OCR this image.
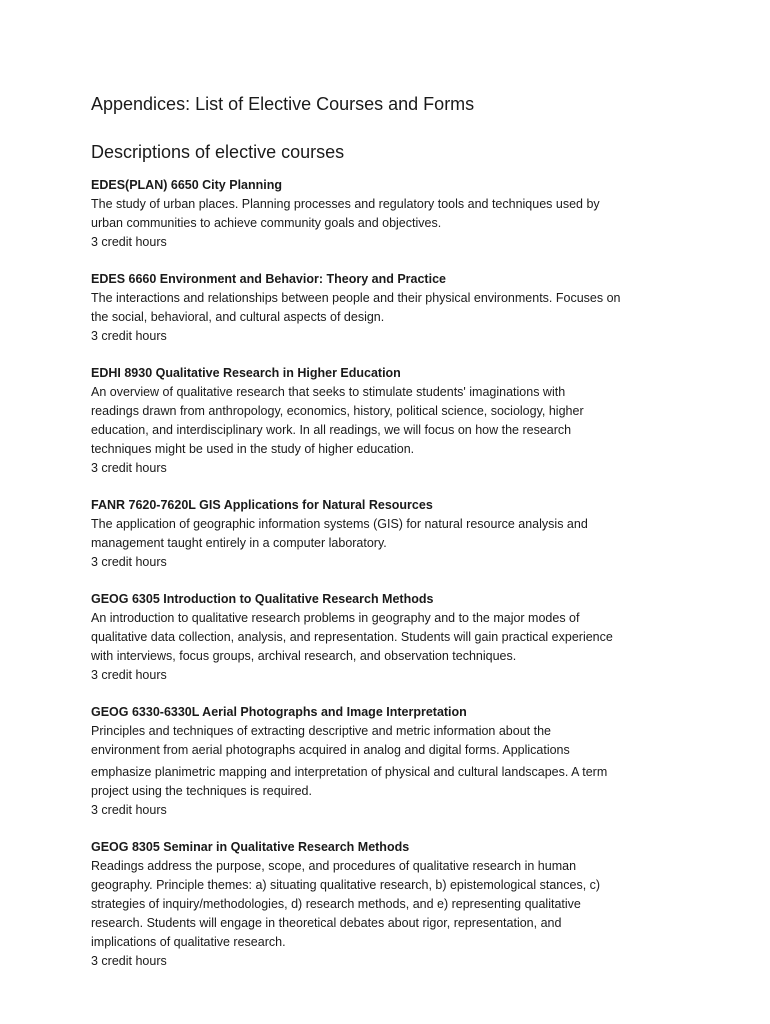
Appendices: List of Elective Courses and Forms
Descriptions of elective courses

EDES(PLAN) 6650 City Planning

The study of urban places. Planning processes and regulatory tools and techniques used by
urban communities to achieve community goals and objectives.

3 credit hours

EDES 6660 Environment and Behavior: Theory and Practice

The interactions and relationships between people and their physical environments. Focuses on
the social, behavioral, and cultural aspects of design.

3 credit hours

EDHI 8930 Qualitative Research in Higher Education

An overview of qualitative research that seeks to stimulate students' imaginations with
readings drawn from anthropology, economics, history, political science, sociology, higher
education, and interdisciplinary work. In all readings, we will focus on how the research
techniques might be used in the study of higher education.

3 credit hours

FANR 7620-7620L GIS Applications for Natural Resources

The application of geographic information systems (GIS) for natural resource analysis and
management taught entirely in a computer laboratory.

3 credit hours

GEOG 6305 Introduction to Qualitative Research Methods

An introduction to qualitative research problems in geography and to the major modes of
qualitative data collection, analysis, and representation. Students will gain practical experience
with interviews, focus groups, archival research, and observation techniques.

3 credit hours

GEOG 6330-6330L Aerial Photographs and Image Interpretation

Principles and techniques of extracting descriptive and metric information about the
environment from aerial photographs acquired in analog and digital forms. Applications
emphasize planimetric mapping and interpretation of physical and cultural landscapes. A term
project using the techniques is required.

3 credit hours

GEOG 8305 Seminar in Qualitative Research Methods

Readings address the purpose, scope, and procedures of qualitative research in human
geography. Principle themes: a) situating qualitative research, b) epistemological stances, c)
strategies of inquiry/methodologies, d) research methods, and e) representing qualitative
research. Students will engage in theoretical debates about rigor, representation, and
implications of qualitative research.

3 credit hours
